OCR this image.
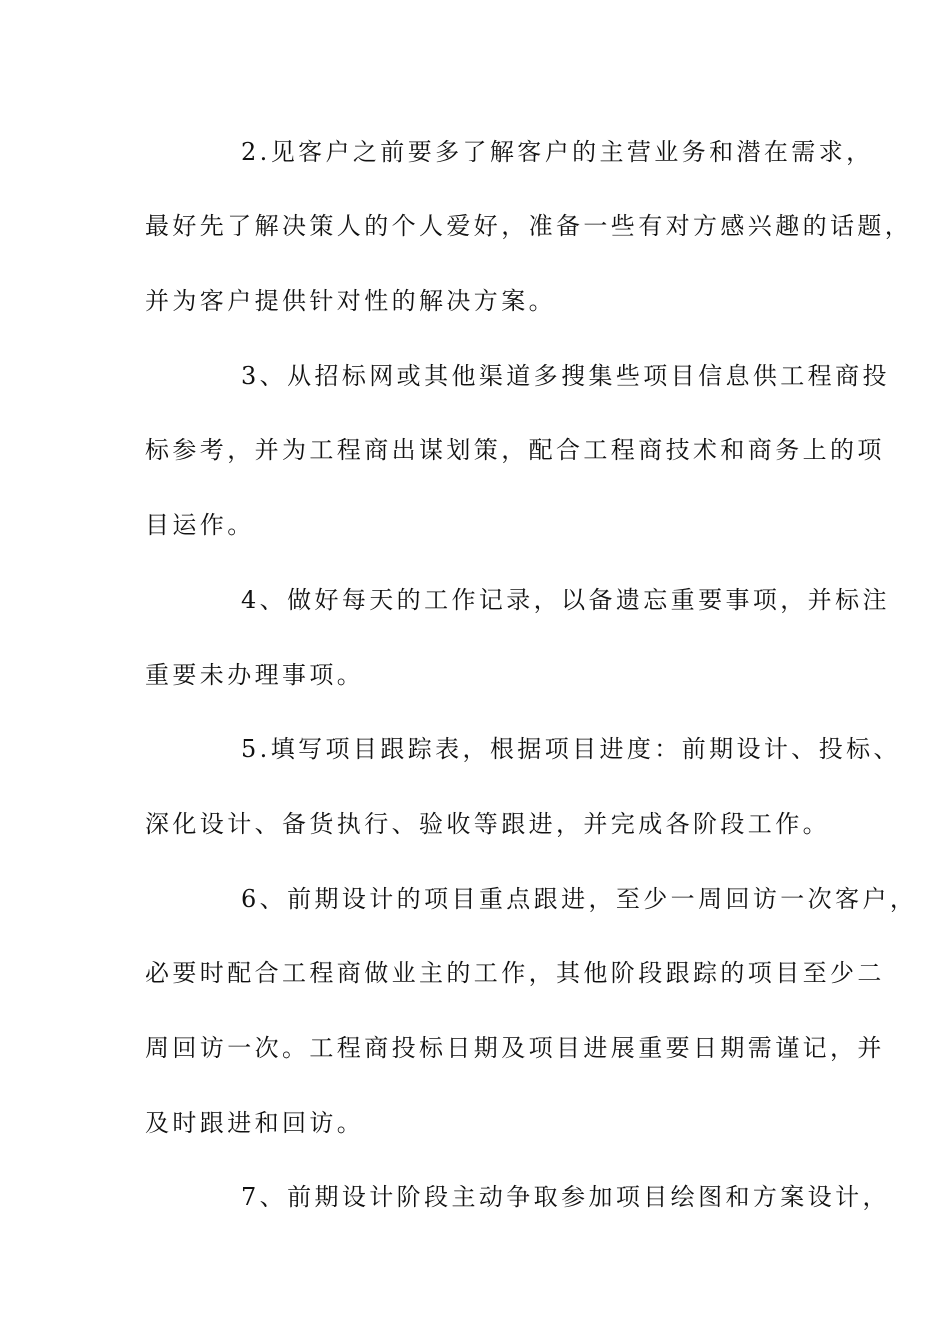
2.见客户之前要多了解客户的主营业务和潜在需求，
最好先了解决策人的个人爱好，准备一些有对方感兴趣的话题，
并为客户提供针对性的解决方案。
3、从招标网或其他渠道多搜集些项目信息供工程商投
标参考，并为工程商出谋划策，配合工程商技术和商务上的项
目运作。
4、做好每天的工作记录，以备遗忘重要事项，并标注
重要未办理事项。
5.填写项目跟踪表，根据项目进度：前期设计、投标、
深化设计、备货执行、验收等跟进，并完成各阶段工作。
6、前期设计的项目重点跟进，至少一周回访一次客户，
必要时配合工程商做业主的工作，其他阶段跟踪的项目至少二
周回访一次。工程商投标日期及项目进展重要日期需谨记，并
及时跟进和回访。
7、前期设计阶段主动争取参加项目绘图和方案设计，
